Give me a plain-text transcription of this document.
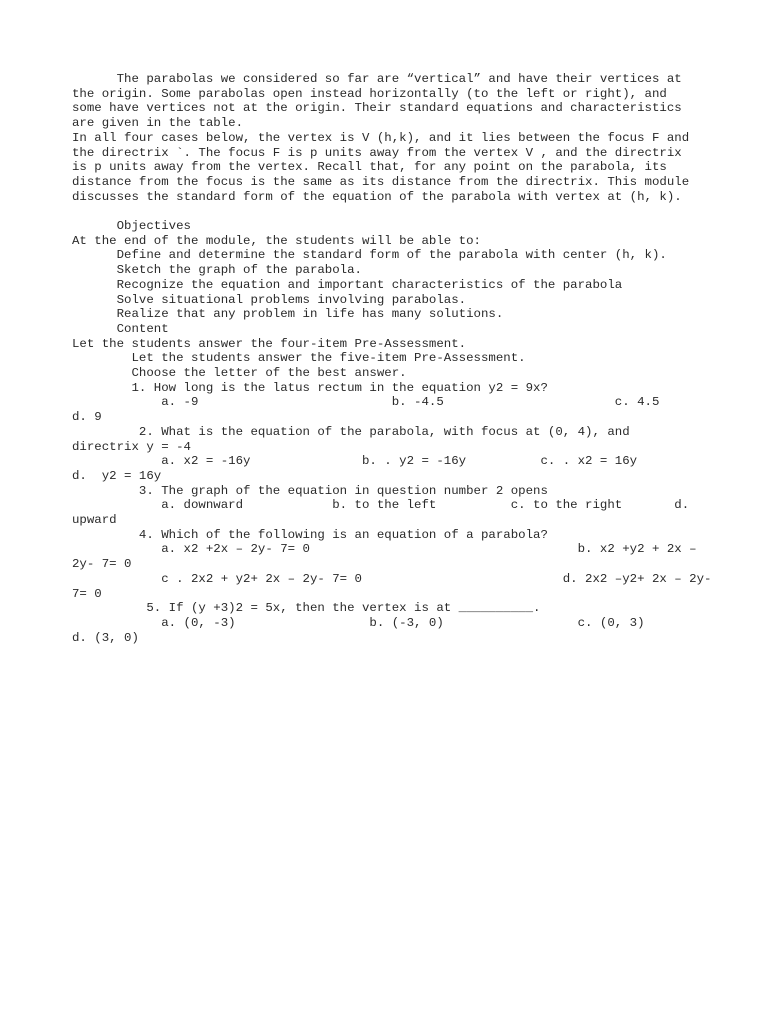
The parabolas we considered so far are “vertical” and have their vertices at
the origin. Some parabolas open instead horizontally (to the left or right), and
some have vertices not at the origin. Their standard equations and characteristics
are given in the table.
In all four cases below, the vertex is V (h,k), and it lies between the focus F and
the directrix `. The focus F is p units away from the vertex V , and the directrix
is p units away from the vertex. Recall that, for any point on the parabola, its
distance from the focus is the same as its distance from the directrix. This module
discusses the standard form of the equation of the parabola with vertex at (h, k).
Objectives
At the end of the module, the students will be able to:
Define and determine the standard form of the parabola with center (h, k).
Sketch the graph of the parabola.
Recognize the equation and important characteristics of the parabola
Solve situational problems involving parabolas.
Realize that any problem in life has many solutions.
Content
Let the students answer the four-item Pre-Assessment.
Let the students answer the five-item Pre-Assessment.
Choose the letter of the best answer.
1. How long is the latus rectum in the equation y2 = 9x?
a. -9                          b. -4.5                       c. 4.5
d. 9
2. What is the equation of the parabola, with focus at (0, 4), and
directrix y = -4
a. x2 = -16y               b. . y2 = -16y          c. . x2 = 16y
d.  y2 = 16y
3. The graph of the equation in question number 2 opens
a. downward            b. to the left          c. to the right       d.
upward
4. Which of the following is an equation of a parabola?
a. x2 +2x – 2y- 7= 0                                    b. x2 +y2 + 2x –
2y- 7= 0
c . 2x2 + y2+ 2x – 2y- 7= 0                           d. 2x2 –y2+ 2x – 2y-
7= 0
5. If (y +3)2 = 5x, then the vertex is at __________.
a. (0, -3)                  b. (-3, 0)                  c. (0, 3)
d. (3, 0)
